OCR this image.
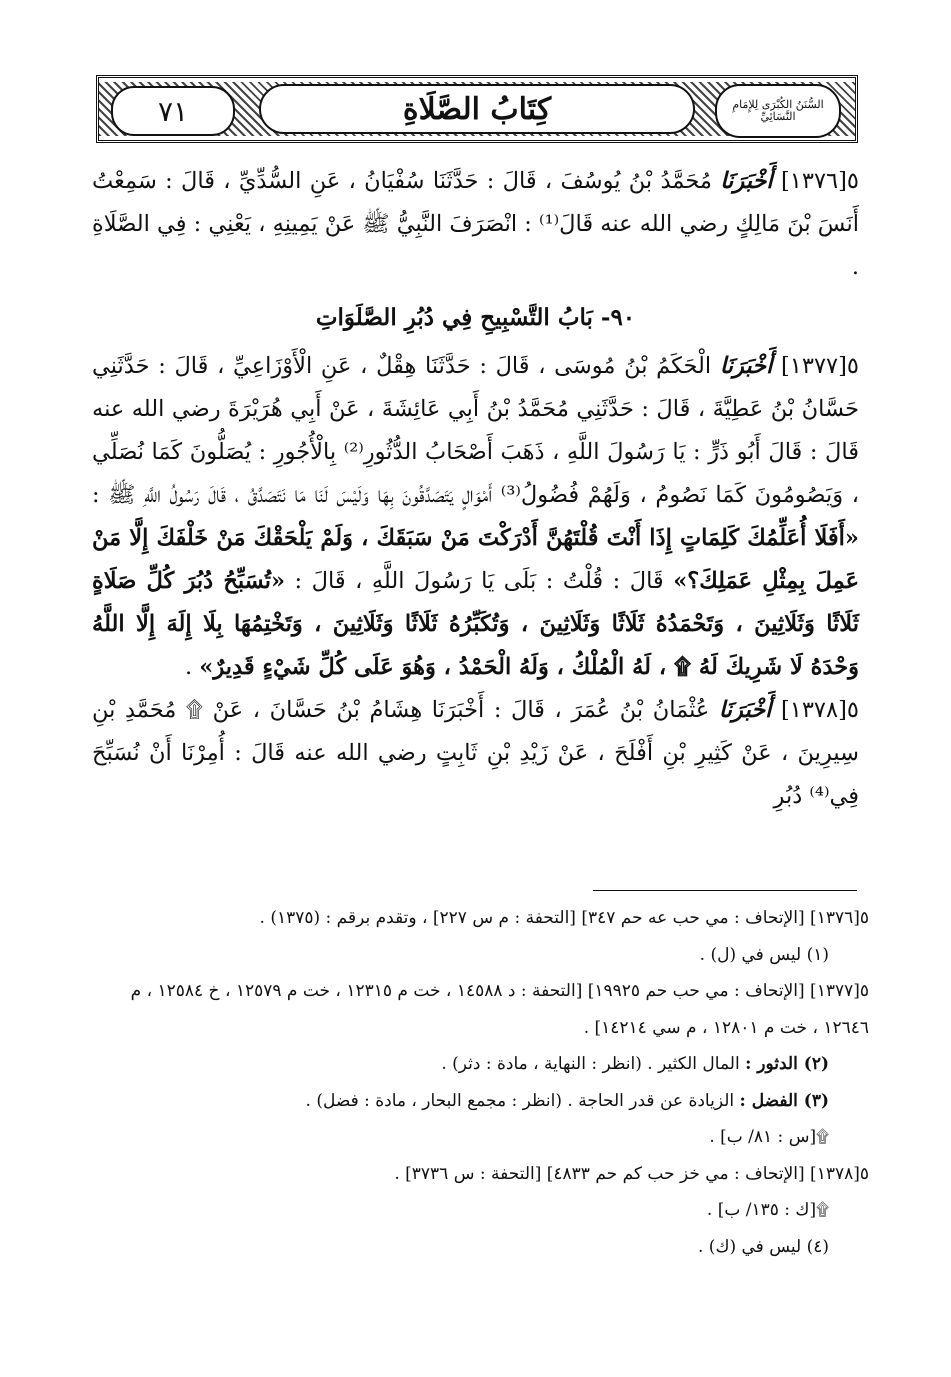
السُّنَنُ الكُبْرَى لِلإِمَامِ النَّسَائِيِّ
كِتَابُ الصَّلَاةِ
٧١

٥[١٣٧٦] أَخْبَرَنَا مُحَمَّدُ بْنُ يُوسُفَ ، قَالَ : حَدَّثَنَا سُفْيَانُ ، عَنِ السُّدِّيِّ ، قَالَ : سَمِعْتُ أَنَسَ بْنَ مَالِكٍ رضي الله عنه قَالَ⁽¹⁾ : انْصَرَفَ النَّبِيُّ ﷺ عَنْ يَمِينِهِ ، يَعْنِي : فِي الصَّلَاةِ .

٩٠- بَابُ التَّسْبِيحِ فِي دُبُرِ الصَّلَوَاتِ

٥[١٣٧٧] أَخْبَرَنَا الْحَكَمُ بْنُ مُوسَى ، قَالَ : حَدَّثَنَا هِقْلٌ ، عَنِ الْأَوْزَاعِيِّ ، قَالَ : حَدَّثَنِي حَسَّانُ بْنُ عَطِيَّةَ ، قَالَ : حَدَّثَنِي مُحَمَّدُ بْنُ أَبِي عَائِشَةَ ، عَنْ أَبِي هُرَيْرَةَ رضي الله عنه قَالَ : قَالَ أَبُو ذَرٍّ : يَا رَسُولَ اللَّهِ ، ذَهَبَ أَصْحَابُ الدُّثُورِ⁽²⁾ بِالْأُجُورِ : يُصَلُّونَ كَمَا نُصَلِّي ، وَيَصُومُونَ كَمَا نَصُومُ ، وَلَهُمْ فُضُولُ⁽³⁾ أَمْوَالٍ يَتَصَدَّقُونَ بِهَا وَلَيْسَ لَنَا مَا نَتَصَدَّقُ ، قَالَ رَسُولُ اللَّهِ ﷺ : «أَفَلَا أُعَلِّمُكَ كَلِمَاتٍ إِذَا أَنْتَ قُلْتَهُنَّ أَدْرَكْتَ مَنْ سَبَقَكَ ، وَلَمْ يَلْحَقْكَ مَنْ خَلْفَكَ إِلَّا مَنْ عَمِلَ بِمِثْلِ عَمَلِكَ؟» قَالَ : قُلْتُ : بَلَى يَا رَسُولَ اللَّهِ ، قَالَ : «تُسَبِّحُ دُبُرَ كُلِّ صَلَاةٍ ثَلَاثًا وَثَلَاثِينَ ، وَتَحْمَدُهُ ثَلَاثًا وَثَلَاثِينَ ، وَتُكَبِّرُهُ ثَلَاثًا وَثَلَاثِينَ ، وَتَخْتِمُهَا بِلَا إِلَهَ إِلَّا اللَّهُ وَحْدَهُ لَا شَرِيكَ لَهُ ۩ ، لَهُ الْمُلْكُ ، وَلَهُ الْحَمْدُ ، وَهُوَ عَلَى كُلِّ شَيْءٍ قَدِيرٌ» .

٥[١٣٧٨] أَخْبَرَنَا عُثْمَانُ بْنُ عُمَرَ ، قَالَ : أَخْبَرَنَا هِشَامُ بْنُ حَسَّانَ ، عَنْ ۩ مُحَمَّدِ بْنِ سِيرِينَ ، عَنْ كَثِيرِ بْنِ أَفْلَحَ ، عَنْ زَيْدِ بْنِ ثَابِتٍ رضي الله عنه قَالَ : أُمِرْنَا أَنْ نُسَبِّحَ فِي⁽⁴⁾ دُبُرِ

٥[١٣٧٦] [الإتحاف : مي حب عه حم ٣٤٧] [التحفة : م س ٢٢٧] ، وتقدم برقم : (١٣٧٥) .

(١) ليس في (ل) .

٥[١٣٧٧] [الإتحاف : مي حب حم ١٩٩٢٥] [التحفة : د ١٤٥٨٨ ، خت م ١٢٣١٥ ، خت م ١٢٥٧٩ ، خ ١٢٥٨٤ ، م ١٢٦٤٦ ، خت م ١٢٨٠١ ، م سي ١٤٢١٤] .

(٢) الدثور : المال الكثير . (انظر : النهاية ، مادة : دثر) .

(٣) الفضل : الزيادة عن قدر الحاجة . (انظر : مجمع البحار ، مادة : فضل) .

۩[س : ٨١/ ب] .

٥[١٣٧٨] [الإتحاف : مي خز حب كم حم ٤٨٣٣] [التحفة : س ٣٧٣٦] .

۩[ك : ١٣٥/ ب] .

(٤) ليس في (ك) .
